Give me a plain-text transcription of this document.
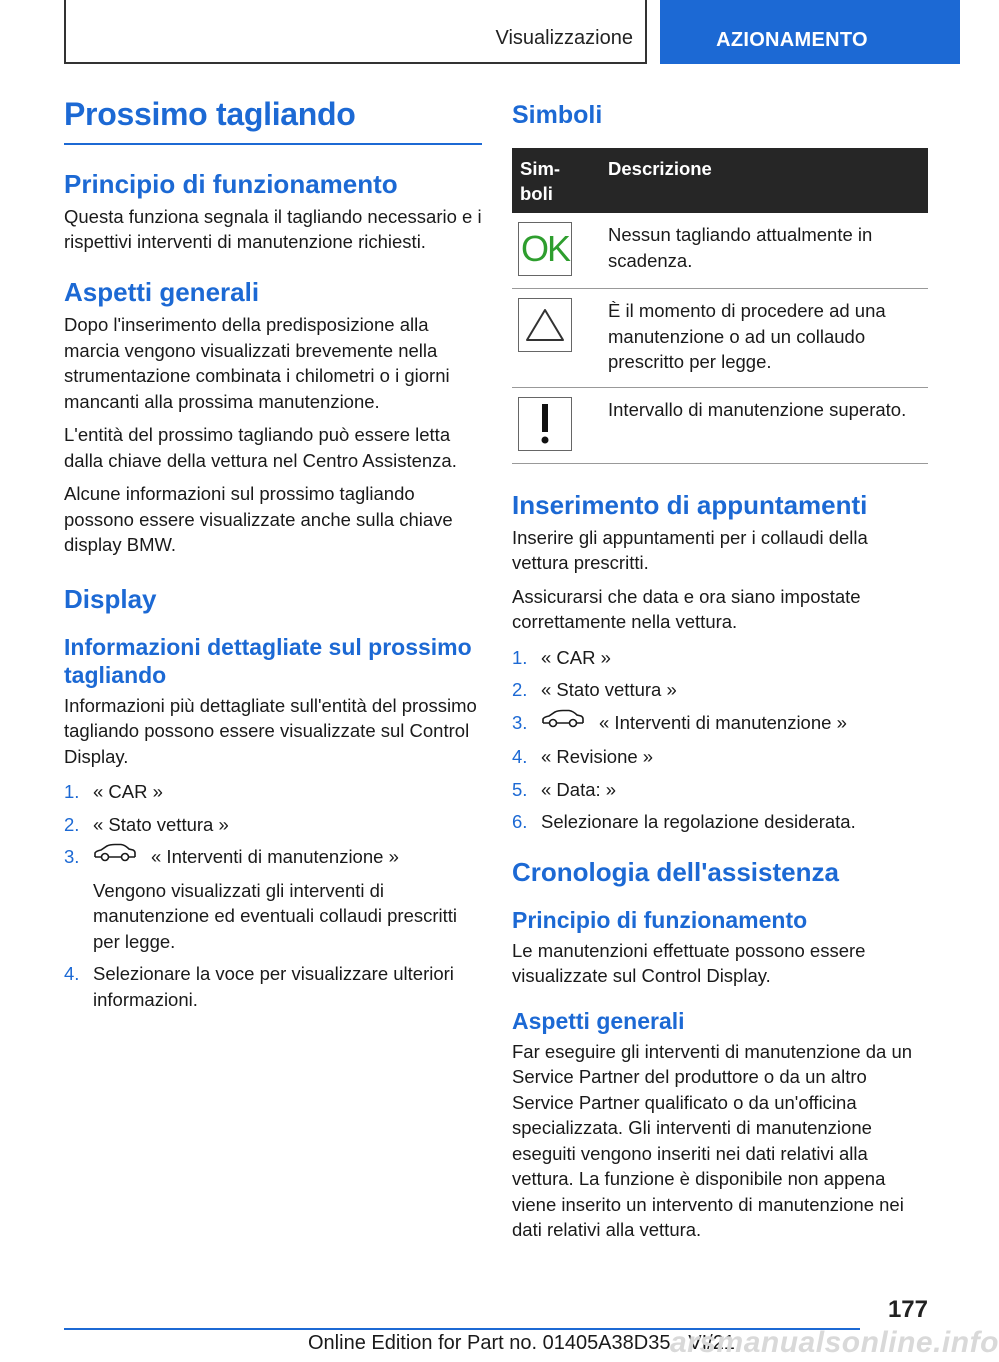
Visualizzazione	AZIONAMENTO
Prossimo tagliando
Principio di funzionamento

Questa funziona segnala il tagliando necessario e i rispettivi interventi di manutenzione richiesti.

Aspetti generali

Dopo l'inserimento della predisposizione alla marcia vengono visualizzati brevemente nella strumentazione combinata i chilometri o i giorni mancanti alla prossima manutenzione.

L'entità del prossimo tagliando può essere letta dalla chiave della vettura nel Centro Assistenza.

Alcune informazioni sul prossimo tagliando possono essere visualizzate anche sulla chiave display BMW.

Display
Informazioni dettagliate sul prossimo tagliando

Informazioni più dettagliate sull'entità del prossimo tagliando possono essere visualizzate sul Control Display.

1. « CAR »
2. « Stato vettura »
3.	« Interventi di manutenzione »
Vengono visualizzati gli interventi di manutenzione ed eventuali collaudi prescritti per legge.
4. Selezionare la voce per visualizzare ulteriori informazioni.
Simboli
Sim- boli	Descrizione

OK	Nessun tagliando attualmente in scadenza.

	È il momento di procedere ad una manutenzione o ad un collaudo prescritto per legge.

	Intervallo di manutenzione superato.
Inserimento di appuntamenti

Inserire gli appuntamenti per i collaudi della vettura prescritti.

Assicurarsi che data e ora siano impostate correttamente nella vettura.

1. « CAR »
2. « Stato vettura »
3.	« Interventi di manutenzione »
4. « Revisione »
5. « Data: »
6. Selezionare la regolazione desiderata.
Cronologia dell'assistenza
Principio di funzionamento

Le manutenzioni effettuate possono essere visualizzate sul Control Display.

Aspetti generali

Far eseguire gli interventi di manutenzione da un Service Partner del produttore o da un altro Service Partner qualificato o da un'officina specializzata. Gli interventi di manutenzione eseguiti vengono inseriti nei dati relativi alla vettura. La funzione è disponibile non appena viene inserito un intervento di manutenzione nei dati relativi alla vettura.

177
Online Edition for Part no. 01405A38D35 - VI/21
arsmanualsonline.info
